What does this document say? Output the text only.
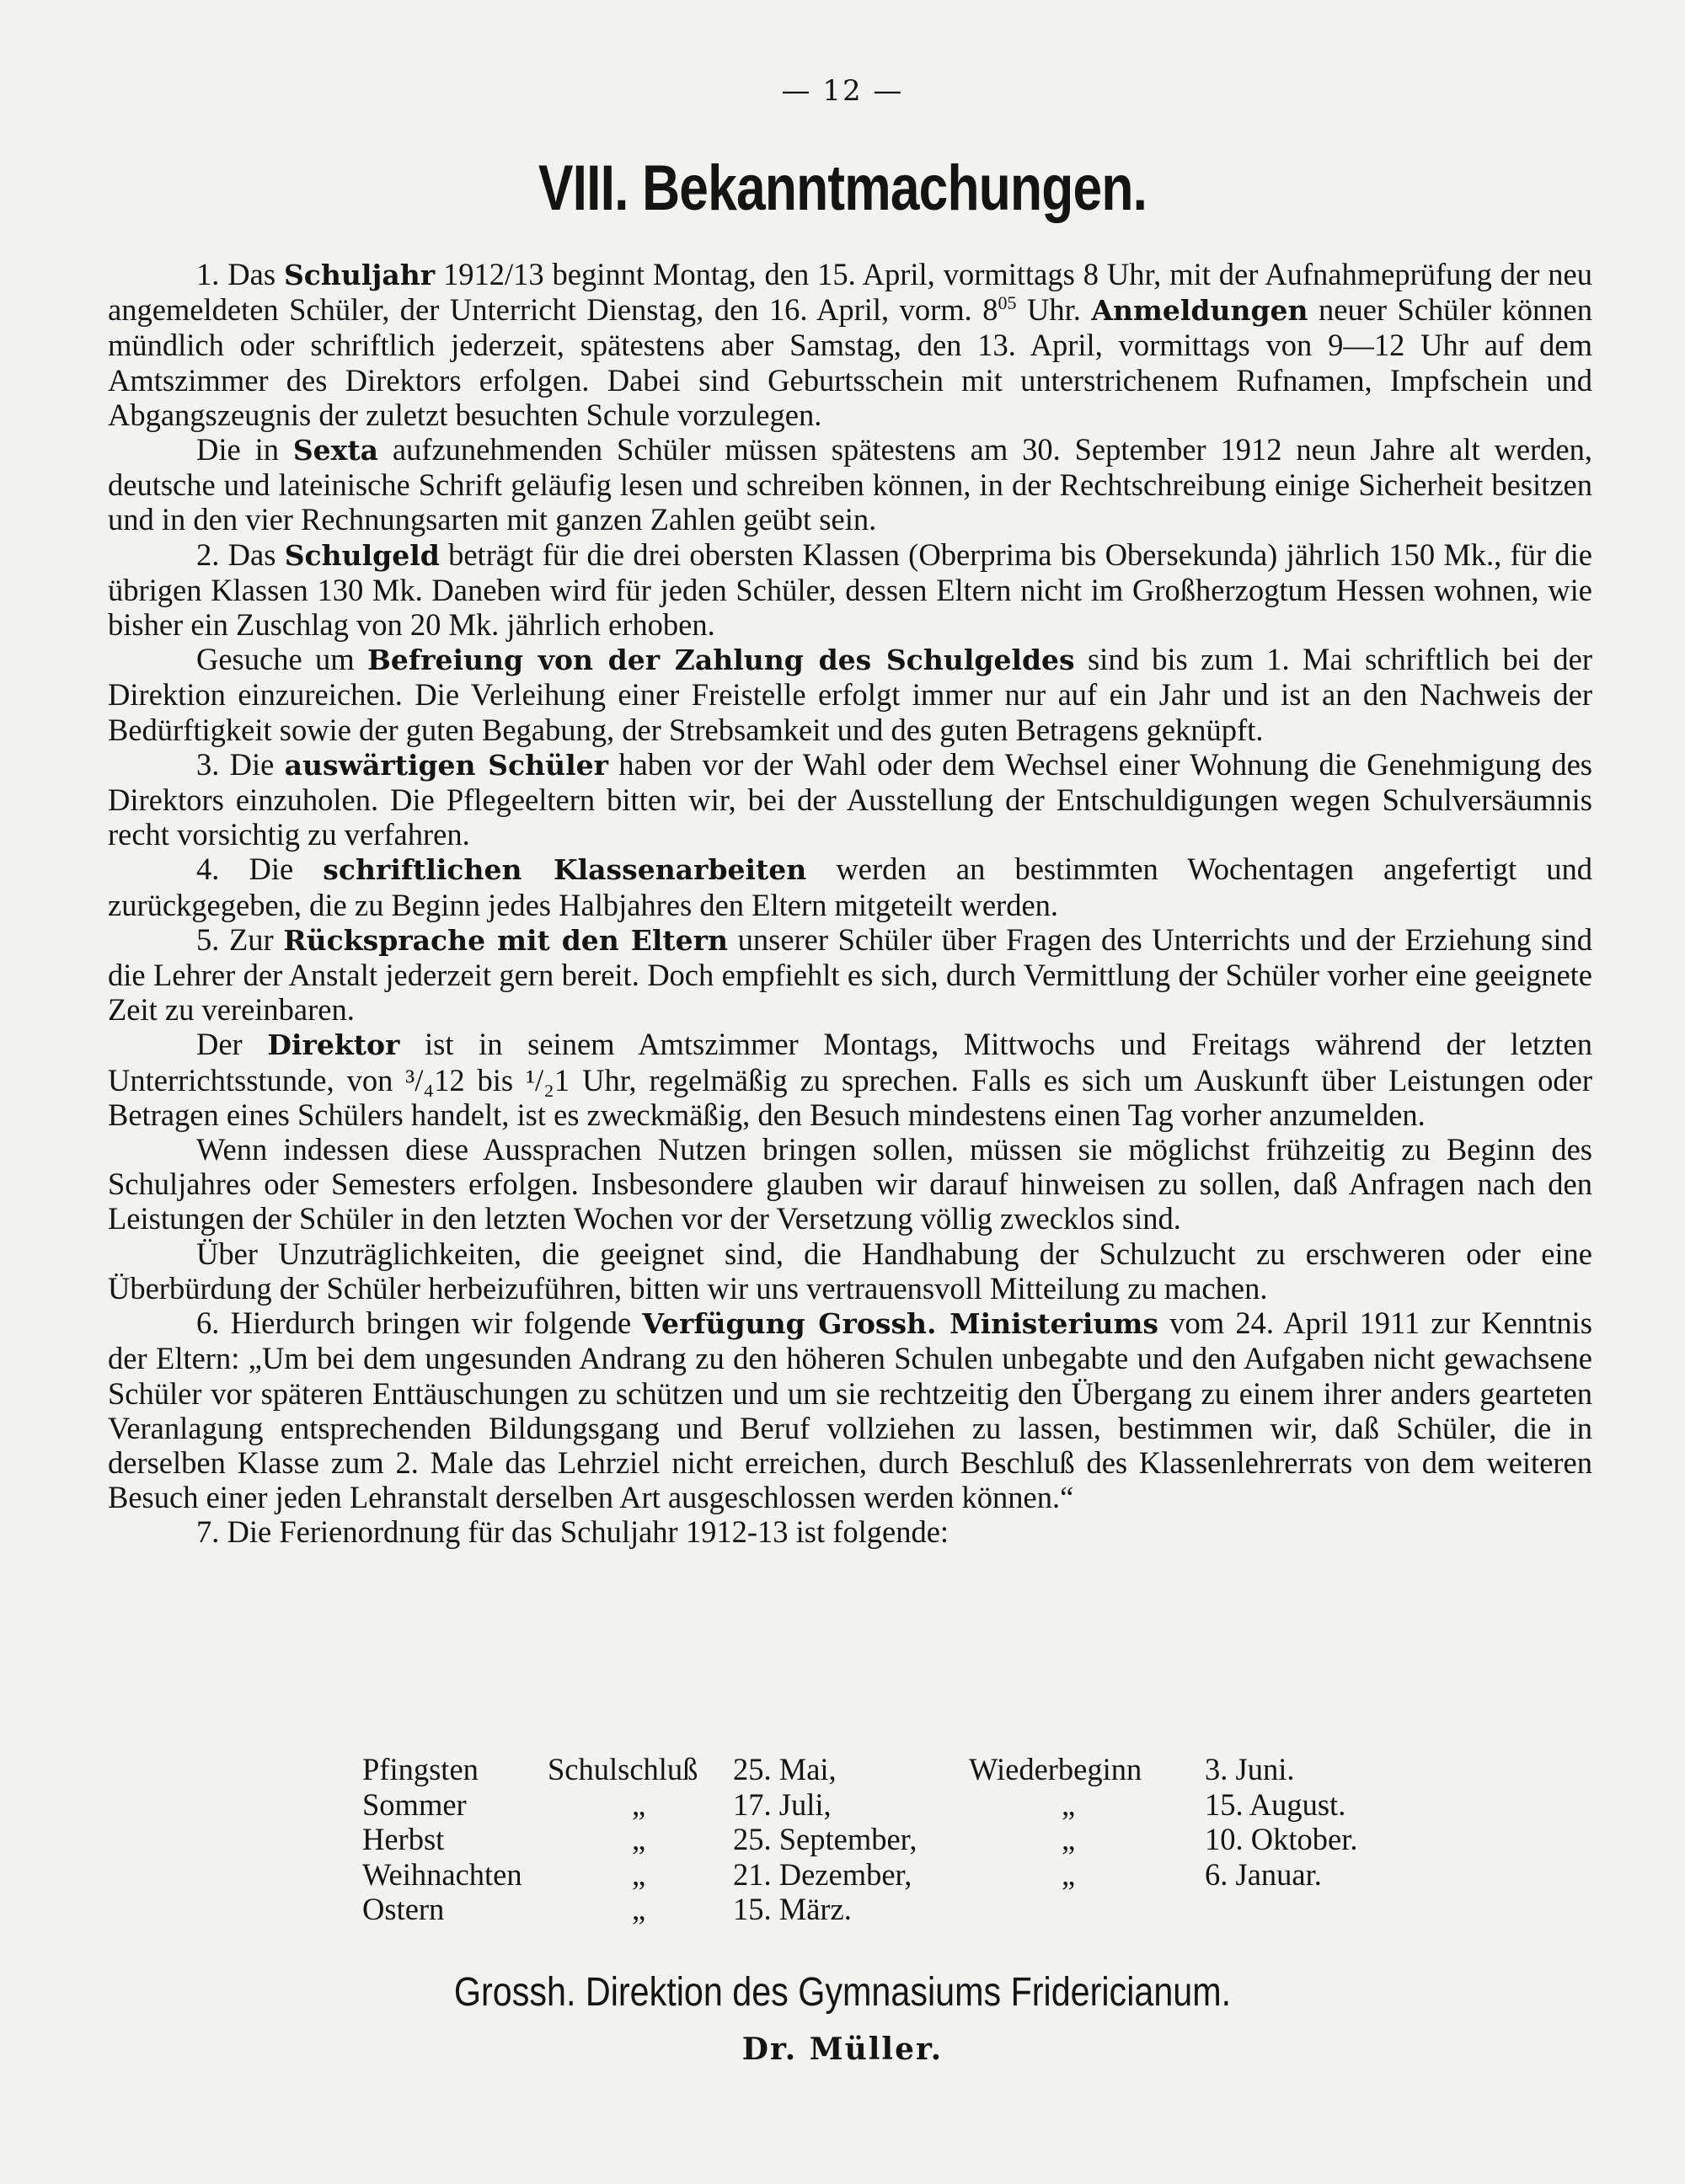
— 12 —
VIII. Bekanntmachungen.

1. Das Schuljahr 1912/13 beginnt Montag, den 15. April, vormittags 8 Uhr, mit der Aufnahmeprüfung der neu angemeldeten Schüler, der Unterricht Dienstag, den 16. April, vorm. $8^{05}$ Uhr. Anmeldungen neuer Schüler können mündlich oder schriftlich jederzeit, spätestens aber Samstag, den 13. April, vormittags von 9—12 Uhr auf dem Amtszimmer des Direktors erfolgen. Dabei sind Geburtsschein mit unterstrichenem Rufnamen, Impfschein und Abgangszeugnis der zuletzt besuchten Schule vorzulegen.

Die in Sexta aufzunehmenden Schüler müssen spätestens am 30. September 1912 neun Jahre alt werden, deutsche und lateinische Schrift geläufig lesen und schreiben können, in der Rechtschreibung einige Sicherheit besitzen und in den vier Rechnungsarten mit ganzen Zahlen geübt sein.

2. Das Schulgeld beträgt für die drei obersten Klassen (Oberprima bis Obersekunda) jährlich 150 Mk., für die übrigen Klassen 130 Mk. Daneben wird für jeden Schüler, dessen Eltern nicht im Großherzogtum Hessen wohnen, wie bisher ein Zuschlag von 20 Mk. jährlich erhoben.

Gesuche um Befreiung von der Zahlung des Schulgeldes sind bis zum 1. Mai schriftlich bei der Direktion einzureichen. Die Verleihung einer Freistelle erfolgt immer nur auf ein Jahr und ist an den Nachweis der Bedürftigkeit sowie der guten Begabung, der Strebsamkeit und des guten Betragens geknüpft.

3. Die auswärtigen Schüler haben vor der Wahl oder dem Wechsel einer Wohnung die Genehmigung des Direktors einzuholen. Die Pflegeeltern bitten wir, bei der Ausstellung der Entschuldigungen wegen Schulversäumnis recht vorsichtig zu verfahren.

4. Die schriftlichen Klassenarbeiten werden an bestimmten Wochentagen angefertigt und zurückgegeben, die zu Beginn jedes Halbjahres den Eltern mitgeteilt werden.

5. Zur Rücksprache mit den Eltern unserer Schüler über Fragen des Unterrichts und der Erziehung sind die Lehrer der Anstalt jederzeit gern bereit. Doch empfiehlt es sich, durch Vermittlung der Schüler vorher eine geeignete Zeit zu vereinbaren.

Der Direktor ist in seinem Amtszimmer Montags, Mittwochs und Freitags während der letzten Unterrichtsstunde, von ³/₄12 bis ¹/₂1 Uhr, regelmäßig zu sprechen. Falls es sich um Auskunft über Leistungen oder Betragen eines Schülers handelt, ist es zweckmäßig, den Besuch mindestens einen Tag vorher anzumelden.

Wenn indessen diese Aussprachen Nutzen bringen sollen, müssen sie möglichst frühzeitig zu Beginn des Schuljahres oder Semesters erfolgen. Insbesondere glauben wir darauf hinweisen zu sollen, daß Anfragen nach den Leistungen der Schüler in den letzten Wochen vor der Versetzung völlig zwecklos sind.

Über Unzuträglichkeiten, die geeignet sind, die Handhabung der Schulzucht zu erschweren oder eine Überbürdung der Schüler herbeizuführen, bitten wir uns vertrauensvoll Mitteilung zu machen.

6. Hierdurch bringen wir folgende Verfügung Grossh. Ministeriums vom 24. April 1911 zur Kenntnis der Eltern: „Um bei dem ungesunden Andrang zu den höheren Schulen unbegabte und den Aufgaben nicht gewachsene Schüler vor späteren Enttäuschungen zu schützen und um sie rechtzeitig den Übergang zu einem ihrer anders gearteten Veranlagung entsprechenden Bildungsgang und Beruf vollziehen zu lassen, bestimmen wir, daß Schüler, die in derselben Klasse zum 2. Male das Lehrziel nicht erreichen, durch Beschluß des Klassenlehrerrats von dem weiteren Besuch einer jeden Lehranstalt derselben Art ausgeschlossen werden können.“

7. Die Ferienordnung für das Schuljahr 1912-13 ist folgende:

Pfingsten Schulschluß 25. Mai,	Wiederbeginn 3. Juni.
Sommer	„	17. Juli,	„	15. August.
Herbst	„	25. September,	„	10. Oktober.
Weihnachten	„	21. Dezember,	„	6. Januar.
Ostern	„	15. März.
Grossh. Direktion des Gymnasiums Fridericianum.
Dr. Müller.
